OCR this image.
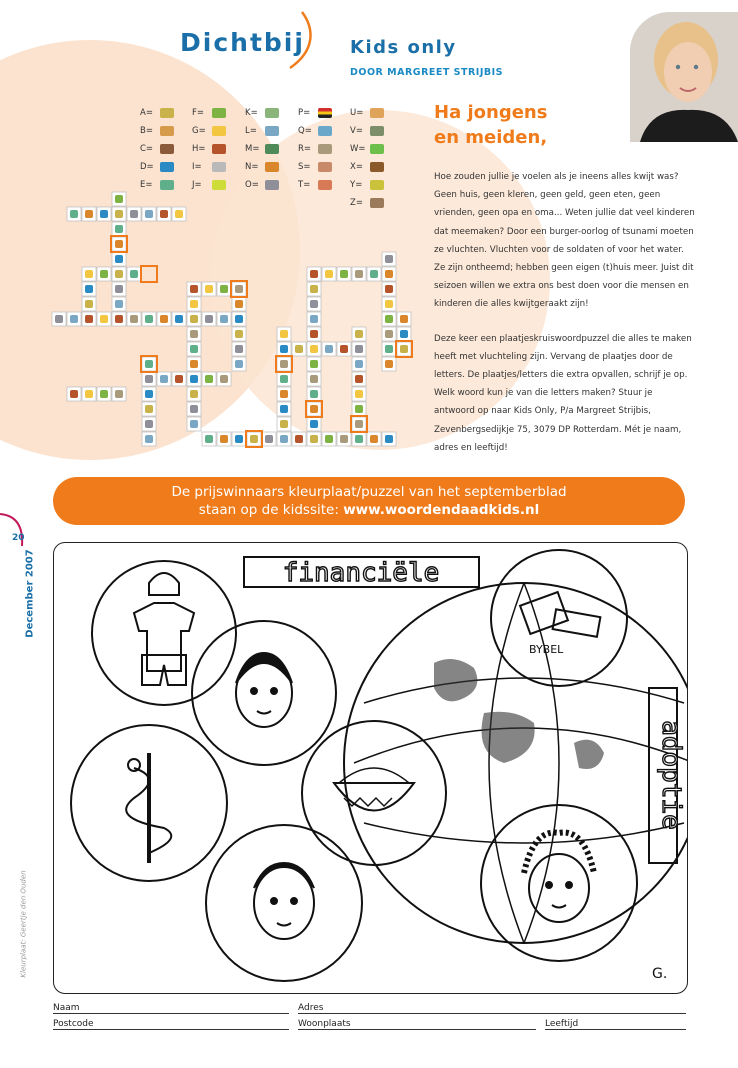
Dichtbij	Kids only
DOOR MARGREET STRIJBIS
A=
B=
C=
D=
E=
F=
G=
H=
I=
J=
K=
L=
M=
N=
O=
P=
Q=
R=
S=
T=
U=
V=
W=
X=
Y=
Z=
Ha jongens
en meiden,

Hoe zouden jullie je voelen als je ineens alles kwijt was? Geen huis, geen kleren, geen geld, geen eten, geen vrienden, geen opa en oma... Weten jullie dat veel kinderen dat meemaken? Door een burger-oorlog of tsunami moeten ze vluchten. Vluchten voor de soldaten of voor het water. Ze zijn ontheemd; hebben geen eigen (t)huis meer. Juist dit seizoen willen we extra ons best doen voor die mensen en kinderen die alles kwijtgeraakt zijn!

Deze keer een plaatjeskruiswoordpuzzel die alles te maken heeft met vluchteling zijn. Vervang de plaatjes door de letters. De plaatjes/letters die extra opvallen, schrijf je op. Welk woord kun je van die letters maken? Stuur je antwoord op naar Kids Only, P/a Margreet Strijbis, Zevenbergsedijkje 75, 3079 DP Rotterdam. Mét je naam, adres en leeftijd!

De prijswinnaars kleurplaat/puzzel van het septemberblad
staan op de kidssite: www.woordendaadkids.nl
20
December 2007
Kleurplaat: Geertje den Ouden
financiële
adoptie
BYBEL
G.
Naam	Adres
Postcode	Woonplaats	Leeftijd
